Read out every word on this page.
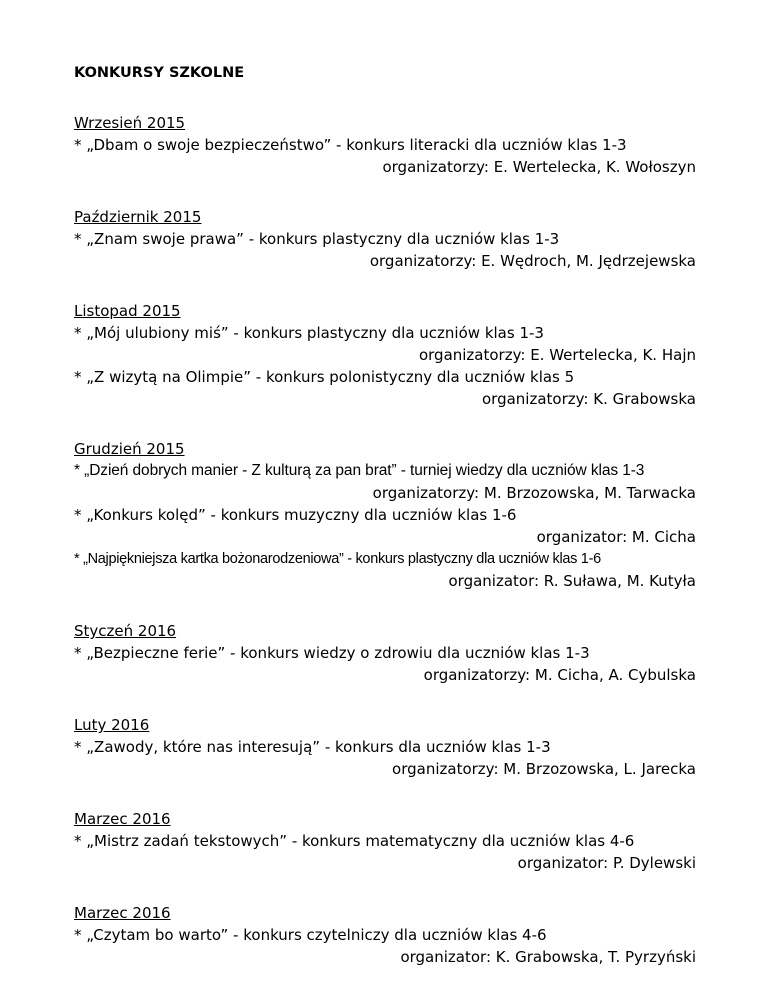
KONKURSY SZKOLNE
Wrzesień 2015
* „Dbam o swoje bezpieczeństwo” - konkurs literacki dla uczniów klas 1-3
organizatorzy: E. Wertelecka, K. Wołoszyn
Październik 2015
* „Znam swoje prawa” - konkurs plastyczny dla uczniów klas 1-3
organizatorzy: E. Wędroch, M. Jędrzejewska
Listopad 2015
* „Mój ulubiony miś” - konkurs plastyczny dla uczniów klas 1-3
organizatorzy: E. Wertelecka, K. Hajn
* „Z wizytą na Olimpie” - konkurs polonistyczny dla uczniów klas 5
organizatorzy: K. Grabowska
Grudzień 2015
* „Dzień dobrych manier - Z kulturą za pan brat” - turniej wiedzy dla uczniów klas 1-3
organizatorzy: M. Brzozowska, M. Tarwacka
* „Konkurs kolęd” - konkurs muzyczny dla uczniów klas 1-6
organizator: M. Cicha
* „Najpiękniejsza kartka bożonarodzeniowa” - konkurs plastyczny dla uczniów klas 1-6
organizator: R. Suława, M. Kutyła
Styczeń 2016
* „Bezpieczne ferie” - konkurs wiedzy o zdrowiu dla uczniów klas 1-3
organizatorzy: M. Cicha, A. Cybulska
Luty 2016
* „Zawody, które nas interesują” - konkurs dla uczniów klas 1-3
organizatorzy: M. Brzozowska, L. Jarecka
Marzec 2016
* „Mistrz zadań tekstowych” - konkurs matematyczny dla uczniów klas 4-6
organizator: P. Dylewski
Marzec 2016
* „Czytam bo warto” - konkurs czytelniczy dla uczniów klas 4-6
organizator: K. Grabowska, T. Pyrzyński
